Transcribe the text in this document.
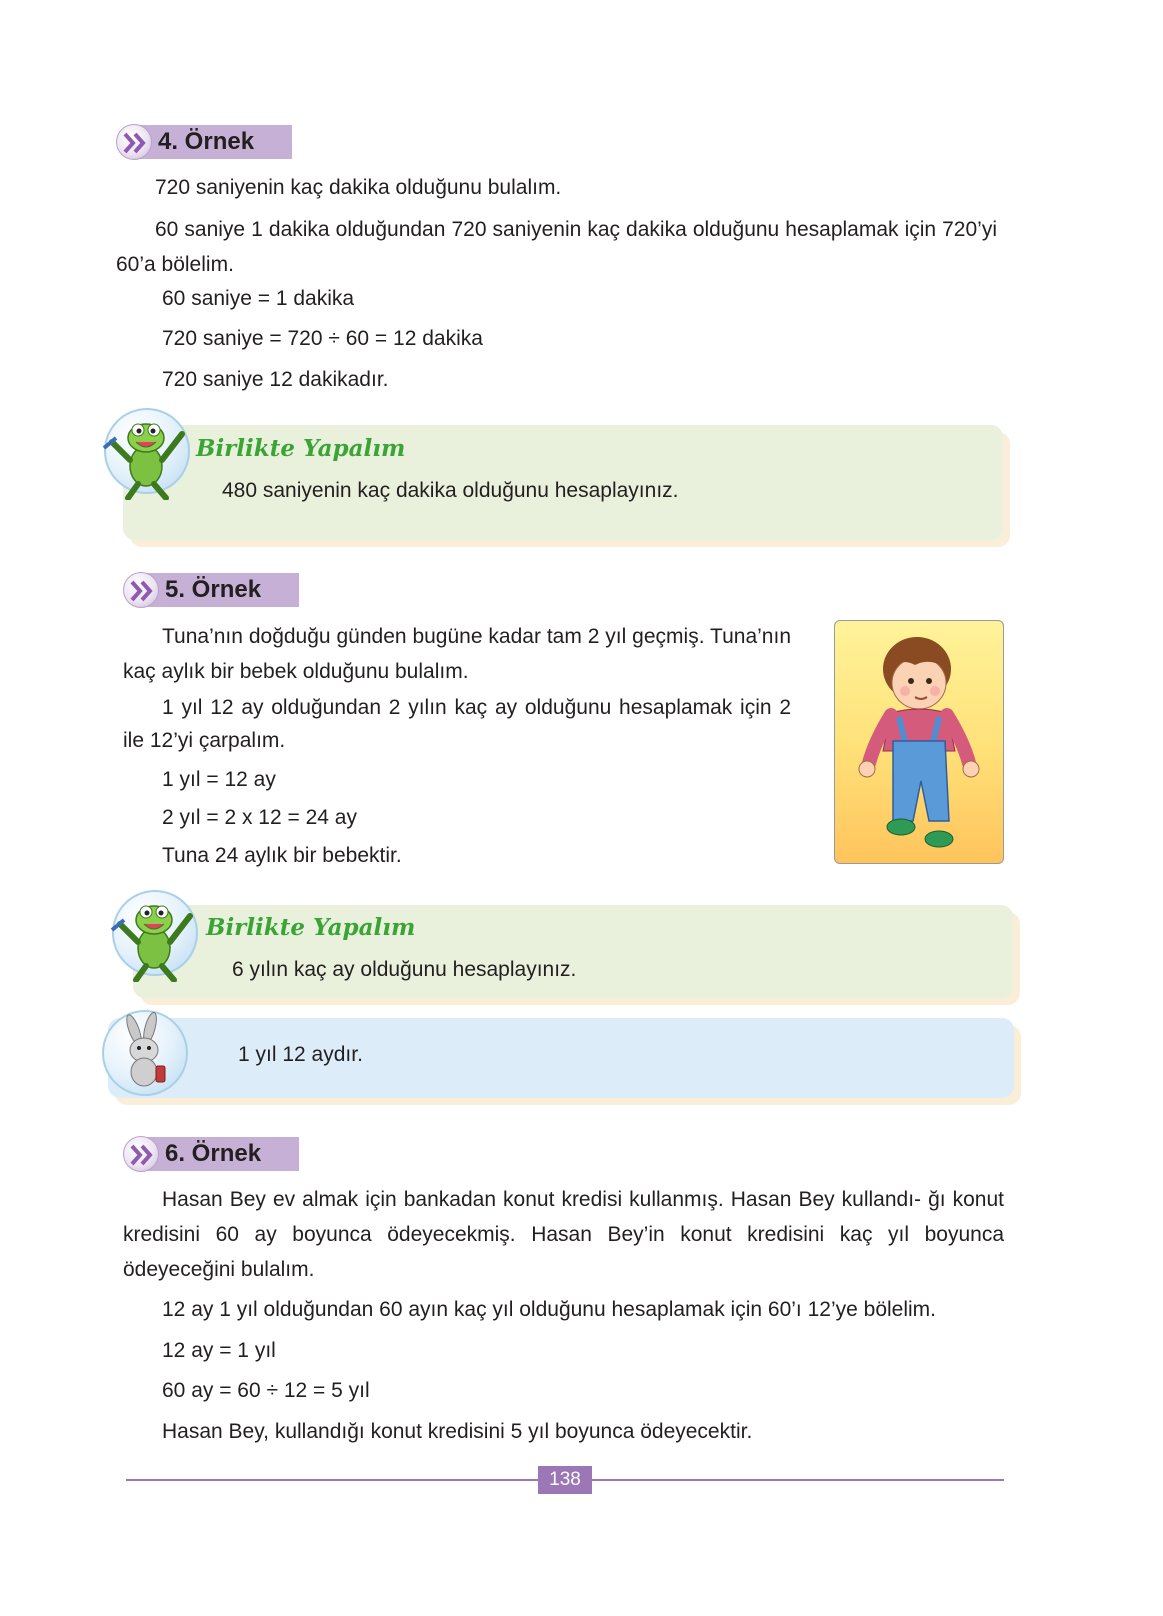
4. Örnek
720 saniyenin kaç dakika olduğunu bulalım.
60 saniye 1 dakika olduğundan 720 saniyenin kaç dakika olduğunu hesaplamak için 720’yi 60’a bölelim.
60 saniye = 1 dakika
720 saniye = 720 ÷ 60 = 12 dakika
720 saniye 12 dakikadır.
Birlikte Yapalım
480 saniyenin kaç dakika olduğunu hesaplayınız.
5. Örnek
Tuna’nın doğduğu günden bugüne kadar tam 2 yıl geçmiş. Tuna’nın kaç aylık bir bebek olduğunu bulalım.
1 yıl 12 ay olduğundan 2 yılın kaç ay olduğunu hesaplamak için 2 ile 12’yi çarpalım.
1 yıl = 12 ay
2 yıl = 2 x 12 = 24 ay
Tuna 24 aylık bir bebektir.
Birlikte Yapalım
6 yılın kaç ay olduğunu hesaplayınız.
1 yıl 12 aydır.
6. Örnek
Hasan Bey ev almak için bankadan konut kredisi kullanmış. Hasan Bey kullandı- ğı konut kredisini 60 ay boyunca ödeyecekmiş. Hasan Bey’in konut kredisini kaç yıl boyunca ödeyeceğini bulalım.
12 ay 1 yıl olduğundan 60 ayın kaç yıl olduğunu hesaplamak için 60’ı 12’ye bölelim.
12 ay = 1 yıl
60 ay = 60 ÷ 12 = 5 yıl
Hasan Bey, kullandığı konut kredisini 5 yıl boyunca ödeyecektir.
138
